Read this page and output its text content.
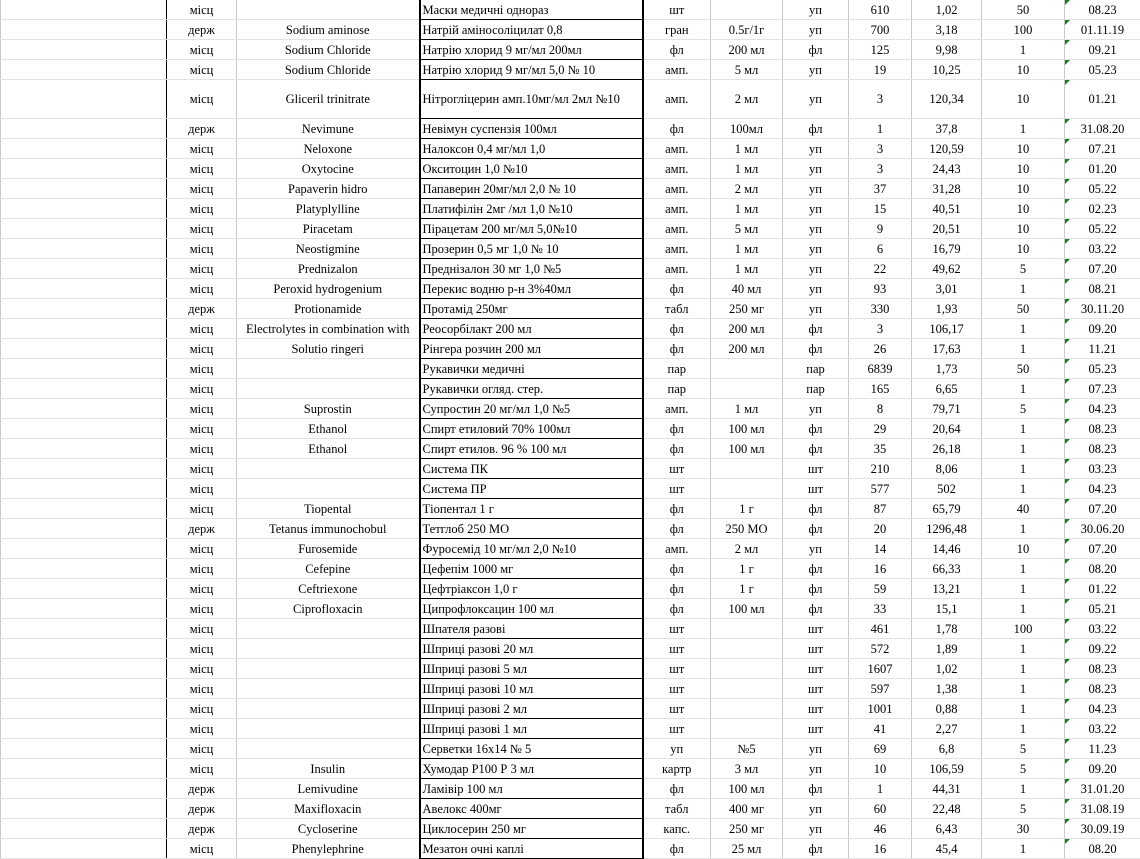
	місц		Маски медичні однораз	шт		уп	610	1,02	50	08.23
	держ	Sodium aminose	Натрій аміносоліцилат 0,8	гран	0.5г/1г	уп	700	3,18	100	01.11.19
	місц	Sodium Chloride	Натрію хлорид 9 мг/мл 200мл	фл	200 мл	фл	125	9,98	1	09.21
	місц	Sodium Chloride	Натрію хлорид 9 мг/мл 5,0 № 10	амп.	5 мл	уп	19	10,25	10	05.23
	місц	Gliceril trinitrate	Нітрогліцерин амп.10мг/мл 2мл №10	амп.	2 мл	уп	3	120,34	10	01.21
	держ	Nevimune	Невімун суспензія 100мл	фл	100мл	фл	1	37,8	1	31.08.20
	місц	Neloxone	Налоксон 0,4 мг/мл 1,0	амп.	1 мл	уп	3	120,59	10	07.21
	місц	Oxytocine	Окситоцин 1,0 №10	амп.	1 мл	уп	3	24,43	10	01.20
	місц	Papaverin hidro	Папаверин 20мг/мл 2,0 № 10	амп.	2 мл	уп	37	31,28	10	05.22
	місц	Platyplylline	Платифілін 2мг /мл 1,0 №10	амп.	1 мл	уп	15	40,51	10	02.23
	місц	Piracetam	Пірацетам 200 мг/мл 5,0№10	амп.	5 мл	уп	9	20,51	10	05.22
	місц	Neostigmine	Прозерин 0,5 мг 1,0 № 10	амп.	1 мл	уп	6	16,79	10	03.22
	місц	Prednizalon	Преднізалон 30 мг 1,0 №5	амп.	1 мл	уп	22	49,62	5	07.20
	місц	Peroxid hydrogenium	Перекис водню р-н 3%40мл	фл	40 мл	уп	93	3,01	1	08.21
	держ	Protionamide	Протамід 250мг	табл	250 мг	уп	330	1,93	50	30.11.20
	місц	Electrolytes in combination with	Реосорбілакт 200 мл	фл	200 мл	фл	3	106,17	1	09.20
	місц	Solutio ringeri	Рінгера розчин 200 мл	фл	200 мл	фл	26	17,63	1	11.21
	місц		Рукавички медичні	пар		пар	6839	1,73	50	05.23
	місц		Рукавички огляд. стер.	пар		пар	165	6,65	1	07.23
	місц	Suprostin	Супростин 20 мг/мл 1,0 №5	амп.	1 мл	уп	8	79,71	5	04.23
	місц	Ethanol	Спирт етиловий 70% 100мл	фл	100 мл	фл	29	20,64	1	08.23
	місц	Ethanol	Спирт етилов. 96 % 100 мл	фл	100 мл	фл	35	26,18	1	08.23
	місц		Система ПК	шт		шт	210	8,06	1	03.23
	місц		Система ПР	шт		шт	577	502	1	04.23
	місц	Tiopental	Тіопентал 1 г	фл	1 г	фл	87	65,79	40	07.20
	держ	Tetanus immunochobul	Тетглоб 250 МО	фл	250 МО	фл	20	1296,48	1	30.06.20
	місц	Furosemide	Фуросемід 10 мг/мл 2,0 №10	амп.	2 мл	уп	14	14,46	10	07.20
	місц	Cefepine	Цефепім 1000 мг	фл	1 г	фл	16	66,33	1	08.20
	місц	Ceftriexone	Цефтріаксон 1,0 г	фл	1 г	фл	59	13,21	1	01.22
	місц	Ciprofloxacin	Ципрофлоксацин 100 мл	фл	100 мл	фл	33	15,1	1	05.21
	місц		Шпателя разові	шт		шт	461	1,78	100	03.22
	місц		Шприці разові 20 мл	шт		шт	572	1,89	1	09.22
	місц		Шприці разові 5 мл	шт		шт	1607	1,02	1	08.23
	місц		Шприці разові 10 мл	шт		шт	597	1,38	1	08.23
	місц		Шприці разові 2 мл	шт		шт	1001	0,88	1	04.23
	місц		Шприці разові 1 мл	шт		шт	41	2,27	1	03.22
	місц		Серветки 16х14 № 5	уп	№5	уп	69	6,8	5	11.23
	місц	Insulin	Хумодар Р100 Р 3 мл	картр	3 мл	уп	10	106,59	5	09.20
	держ	Lemivudine	Ламівір 100 мл	фл	100 мл	фл	1	44,31	1	31.01.20
	держ	Maxifloxacin	Авелокс 400мг	табл	400 мг	уп	60	22,48	5	31.08.19
	держ	Cycloserine	Циклосерин 250 мг	капс.	250 мг	уп	46	6,43	30	30.09.19
	місц	Phenylephrine	Мезатон очні каплі	фл	25 мл	фл	16	45,4	1	08.20
